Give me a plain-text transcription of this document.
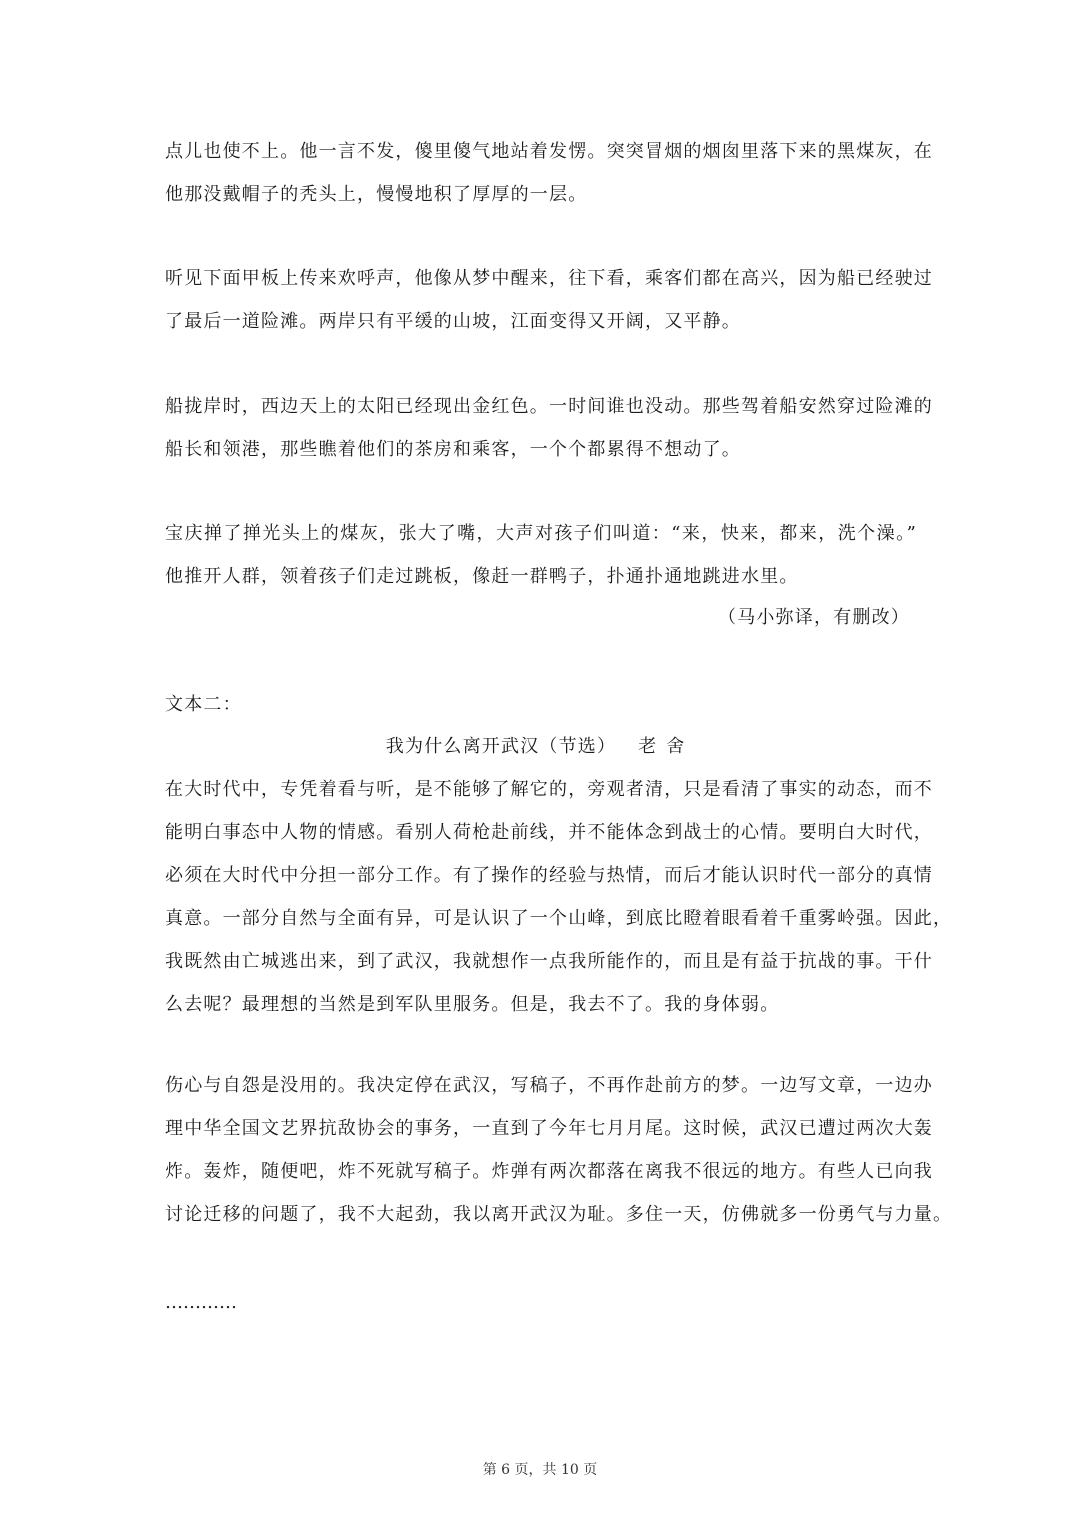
点儿也使不上。他一言不发，傻里傻气地站着发愣。突突冒烟的烟囱里落下来的黑煤灰，在
他那没戴帽子的秃头上，慢慢地积了厚厚的一层。

听见下面甲板上传来欢呼声，他像从梦中醒来，往下看，乘客们都在高兴，因为船已经驶过
了最后一道险滩。两岸只有平缓的山坡，江面变得又开阔，又平静。

船拢岸时，西边天上的太阳已经现出金红色。一时间谁也没动。那些驾着船安然穿过险滩的
船长和领港，那些瞧着他们的茶房和乘客，一个个都累得不想动了。

宝庆掸了掸光头上的煤灰，张大了嘴，大声对孩子们叫道：“来，快来，都来，洗个澡。”
他推开人群，领着孩子们走过跳板，像赶一群鸭子，扑通扑通地跳进水里。

（马小弥译，有删改）
文本二：
我为什么离开武汉（节选） 老舍

在大时代中，专凭着看与听，是不能够了解它的，旁观者清，只是看清了事实的动态，而不
能明白事态中人物的情感。看别人荷枪赴前线，并不能体念到战士的心情。要明白大时代，
必须在大时代中分担一部分工作。有了操作的经验与热情，而后才能认识时代一部分的真情
真意。一部分自然与全面有异，可是认识了一个山峰，到底比瞪着眼看着千重雾岭强。因此，
我既然由亡城逃出来，到了武汉，我就想作一点我所能作的，而且是有益于抗战的事。干什
么去呢？最理想的当然是到军队里服务。但是，我去不了。我的身体弱。

伤心与自怨是没用的。我决定停在武汉，写稿子，不再作赴前方的梦。一边写文章，一边办
理中华全国文艺界抗敌协会的事务，一直到了今年七月月尾。这时候，武汉已遭过两次大轰
炸。轰炸，随便吧，炸不死就写稿子。炸弹有两次都落在离我不很远的地方。有些人已向我
讨论迁移的问题了，我不大起劲，我以离开武汉为耻。多住一天，仿佛就多一份勇气与力量。

…………
第 6 页，共 10 页
